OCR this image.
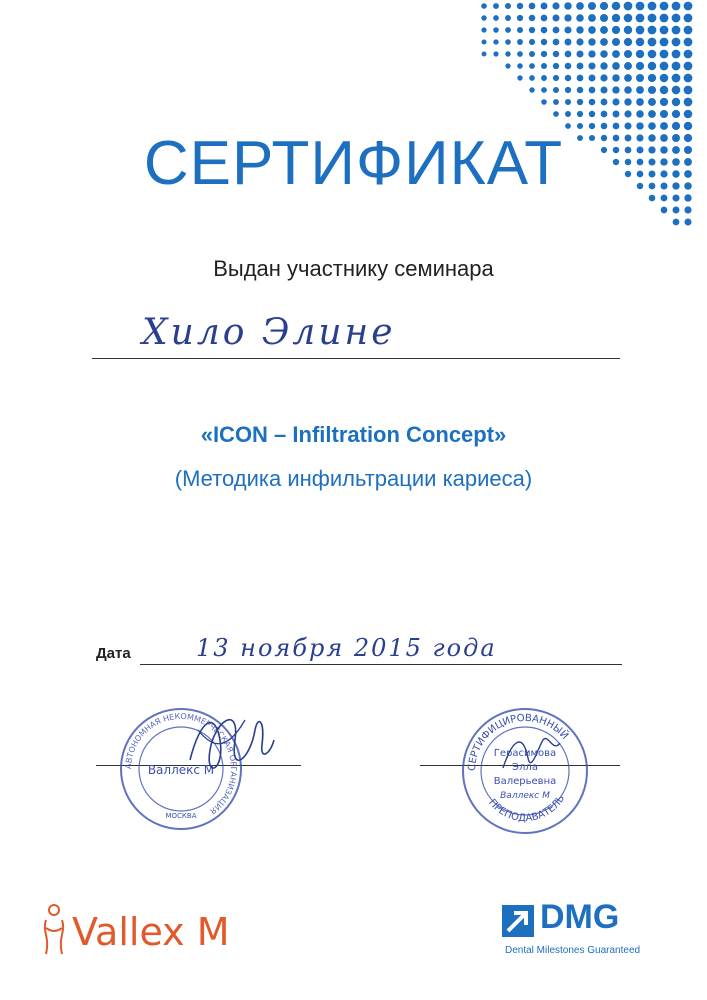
СЕРТИФИКАТ
Выдан участнику семинара
Хило Элине
«ICON – Infiltration Concept»
(Методика инфильтрации кариеса)
Дата	13 ноября 2015 года
АВТОНОМНАЯ НЕКОММЕРЧЕСКАЯ ОРГАНИЗАЦИЯ
Валлекс М
МОСКВА
СЕРТИФИЦИРОВАННЫЙ
ПРЕПОДАВАТЕЛЬ
Герасимова
Элла
Валерьевна
Валлекс М
Vallex M	DMG
Dental Milestones Guaranteed
